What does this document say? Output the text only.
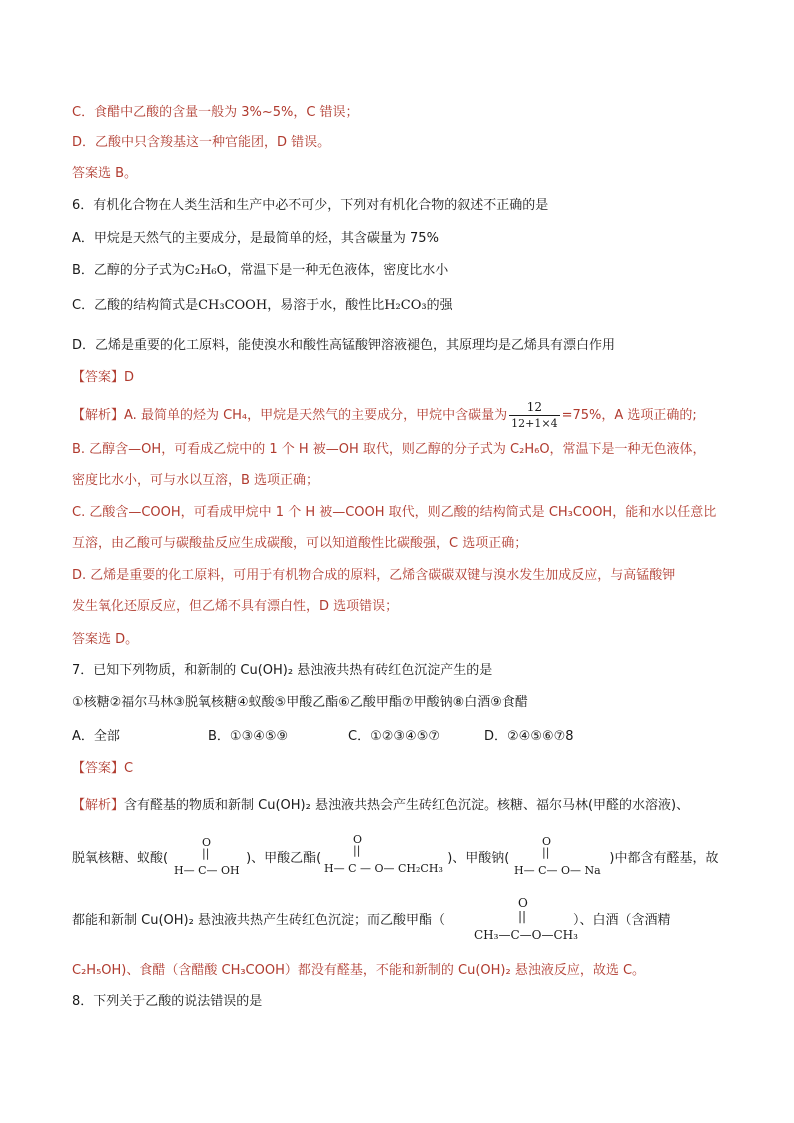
C．食醋中乙酸的含量一般为 3%~5%，C 错误；
D．乙酸中只含羧基这一种官能团，D 错误。
答案选 B。
6．有机化合物在人类生活和生产中必不可少，下列对有机化合物的叙述不正确的是
A．甲烷是天然气的主要成分，是最简单的烃，其含碳量为 75%
B．乙醇的分子式为C₂H₆O，常温下是一种无色液体，密度比水小
C．乙酸的结构简式是CH₃COOH，易溶于水，酸性比H₂CO₃的强
D．乙烯是重要的化工原料，能使溴水和酸性高锰酸钾溶液褪色，其原理均是乙烯具有漂白作用
【答案】D
【解析】A. 最简单的烃为 CH₄，甲烷是天然气的主要成分，甲烷中含碳量为 $\frac{12}{12+1\times 4} =75\%$，A 选项正确的;
B. 乙醇含—OH，可看成乙烷中的 1 个 H 被—OH 取代，则乙醇的分子式为 C₂H₆O，常温下是一种无色液体，
密度比水小，可与水以互溶，B 选项正确；
C. 乙酸含—COOH，可看成甲烷中 1 个 H 被—COOH 取代，则乙酸的结构简式是 CH₃COOH，能和水以任意比
互溶，由乙酸可与碳酸盐反应生成碳酸，可以知道酸性比碳酸强，C 选项正确；
D. 乙烯是重要的化工原料，可用于有机物合成的原料，乙烯含碳碳双键与溴水发生加成反应，与高锰酸钾
发生氧化还原反应，但乙烯不具有漂白性，D 选项错误；
答案选 D。
7．已知下列物质，和新制的 Cu(OH)₂ 悬浊液共热有砖红色沉淀产生的是
①核糖②福尔马林③脱氧核糖④蚁酸⑤甲酸乙酯⑥乙酸甲酯⑦甲酸钠⑧白酒⑨食醋
A．全部	B．①③④⑤⑨	C．①②③④⑤⑦	D．②④⑤⑥⑦8
【答案】C
【解析】含有醛基的物质和新制 Cu(OH)₂ 悬浊液共热会产生砖红色沉淀。核糖、福尔马林(甲醛的水溶液)、
脱氧核糖、蚁酸(	)、甲酸乙酯(	)、甲酸钠(	)中都含有醛基，故
O
||
H— C— OH
O
||
H— C — O— CH₂CH₃
O
||
H— C— O— Na
都能和新制 Cu(OH)₂ 悬浊液共热产生砖红色沉淀；而乙酸甲酯（	）、白酒（含酒精
O
||
CH₃—C—O—CH₃
C₂H₅OH)、食醋（含醋酸 CH₃COOH）都没有醛基，不能和新制的 Cu(OH)₂ 悬浊液反应，故选 C。
8．下列关于乙酸的说法错误的是
